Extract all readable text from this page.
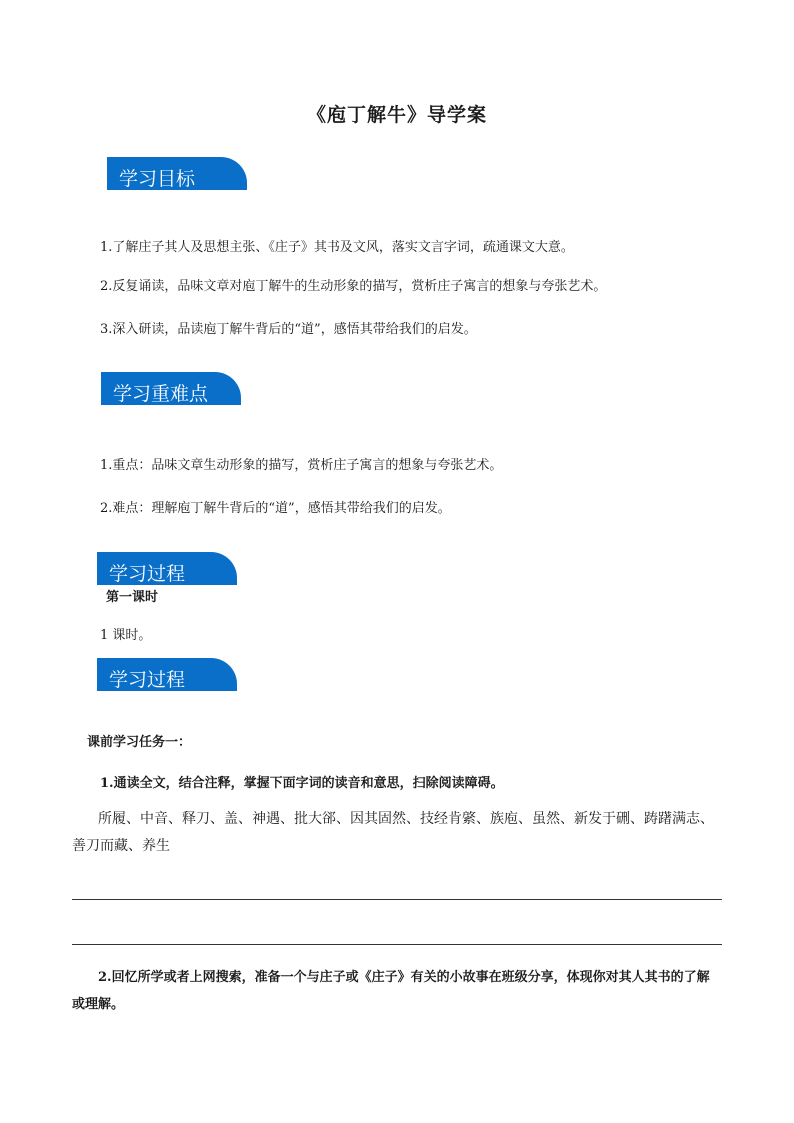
《庖丁解牛》导学案
学习目标
1.了解庄子其人及思想主张、《庄子》其书及文风，落实文言字词，疏通课文大意。
2.反复诵读，品味文章对庖丁解牛的生动形象的描写，赏析庄子寓言的想象与夸张艺术。
3.深入研读，品读庖丁解牛背后的“道”，感悟其带给我们的启发。
学习重难点
1.重点：品味文章生动形象的描写，赏析庄子寓言的想象与夸张艺术。
2.难点：理解庖丁解牛背后的“道”，感悟其带给我们的启发。
第一课时
学习过程
1 课时。
学习过程
课前学习任务一：
1.通读全文，结合注释，掌握下面字词的读音和意思，扫除阅读障碍。
所履、中音、释刀、盖、神遇、批大郤、因其固然、技经肯綮、族庖、虽然、新发于硎、踌躇满志、善刀而藏、养生
2.回忆所学或者上网搜索，准备一个与庄子或《庄子》有关的小故事在班级分享，体现你对其人其书的了解或理解。
